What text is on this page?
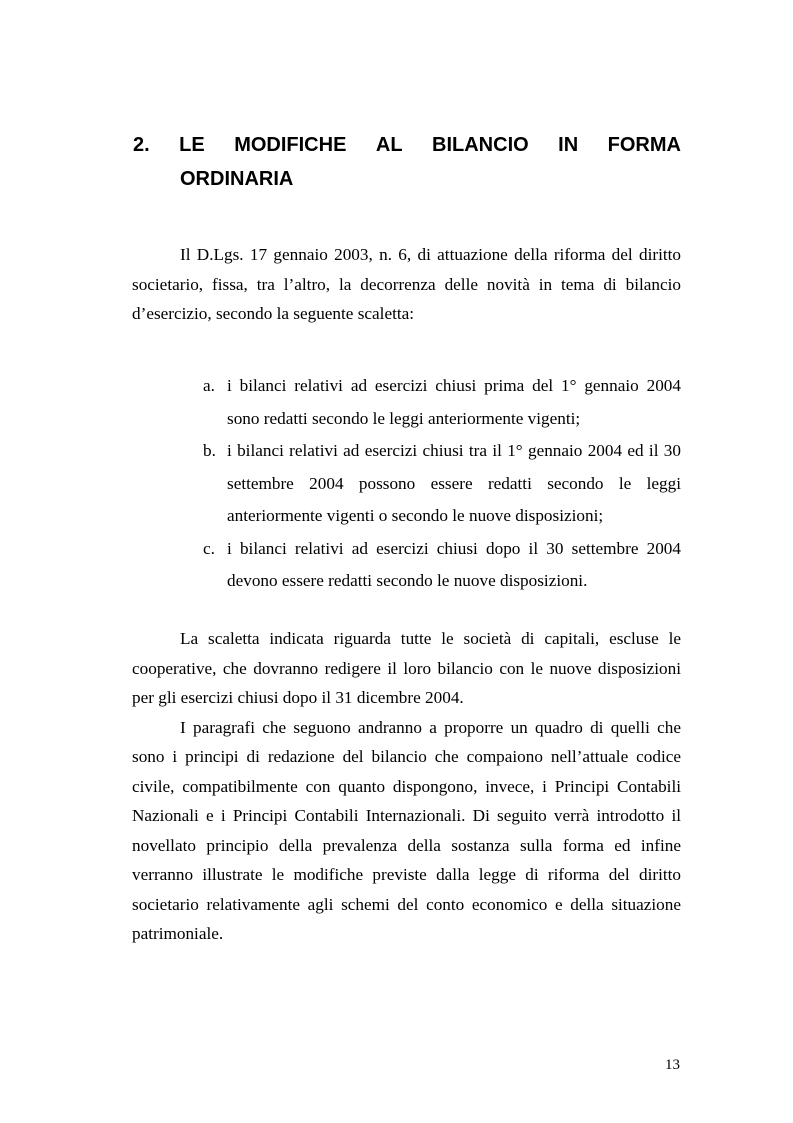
2. LE MODIFICHE AL BILANCIO IN FORMA
ORDINARIA

Il D.Lgs. 17 gennaio 2003, n. 6, di attuazione della riforma del diritto societario, fissa, tra l’altro, la decorrenza delle novità in tema di bilancio d’esercizio, secondo la seguente scaletta:

a. i bilanci relativi ad esercizi chiusi prima del 1° gennaio 2004 sono redatti secondo le leggi anteriormente vigenti;
b. i bilanci relativi ad esercizi chiusi tra il 1° gennaio 2004 ed il 30 settembre 2004 possono essere redatti secondo le leggi anteriormente vigenti o secondo le nuove disposizioni;
c. i bilanci relativi ad esercizi chiusi dopo il 30 settembre 2004 devono essere redatti secondo le nuove disposizioni.

La scaletta indicata riguarda tutte le società di capitali, escluse le cooperative, che dovranno redigere il loro bilancio con le nuove disposizioni per gli esercizi chiusi dopo il 31 dicembre 2004.

I paragrafi che seguono andranno a proporre un quadro di quelli che sono i principi di redazione del bilancio che compaiono nell’attuale codice civile, compatibilmente con quanto dispongono, invece, i Principi Contabili Nazionali e i Principi Contabili Internazionali. Di seguito verrà introdotto il novellato principio della prevalenza della sostanza sulla forma ed infine verranno illustrate le modifiche previste dalla legge di riforma del diritto societario relativamente agli schemi del conto economico e della situazione patrimoniale.

13
